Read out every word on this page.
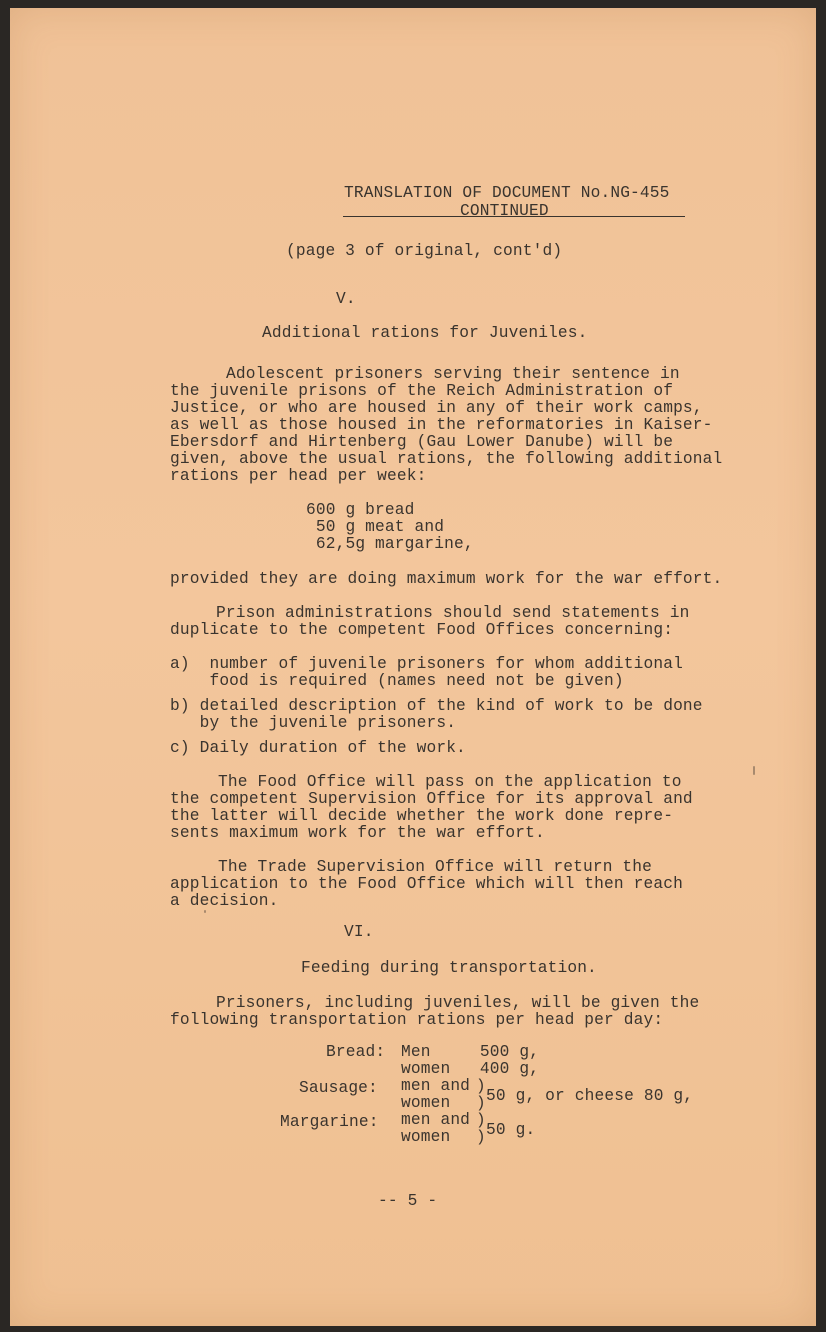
TRANSLATION OF DOCUMENT No.NG-455
CONTINUED
(page 3 of original, cont'd)
V.
Additional rations for Juveniles.
Adolescent prisoners serving their sentence in
the juvenile prisons of the Reich Administration of
Justice, or who are housed in any of their work camps,
as well as those housed in the reformatories in Kaiser-
Ebersdorf and Hirtenberg (Gau Lower Danube) will be
given, above the usual rations, the following additional
rations per head per week:
600 g bread
50 g meat and
62,5g margarine,
provided they are doing maximum work for the war effort.
Prison administrations should send statements in
duplicate to the competent Food Offices concerning:
a)  number of juvenile prisoners for whom additional
food is required (names need not be given)
b) detailed description of the kind of work to be done
by the juvenile prisoners.
c) Daily duration of the work.
The Food Office will pass on the application to
the competent Supervision Office for its approval and
the latter will decide whether the work done repre-
sents maximum work for the war effort.
The Trade Supervision Office will return the
application to the Food Office which will then reach
a decision.
VI.
Feeding during transportation.
Prisoners, including juveniles, will be given the
following transportation rations per head per day:
Bread: Men     500 g,
women   400 g,
Sausage: men and
women
)
) 50 g, or cheese 80 g,
Margarine: men and
women
)
) 50 g.
-- 5 -
